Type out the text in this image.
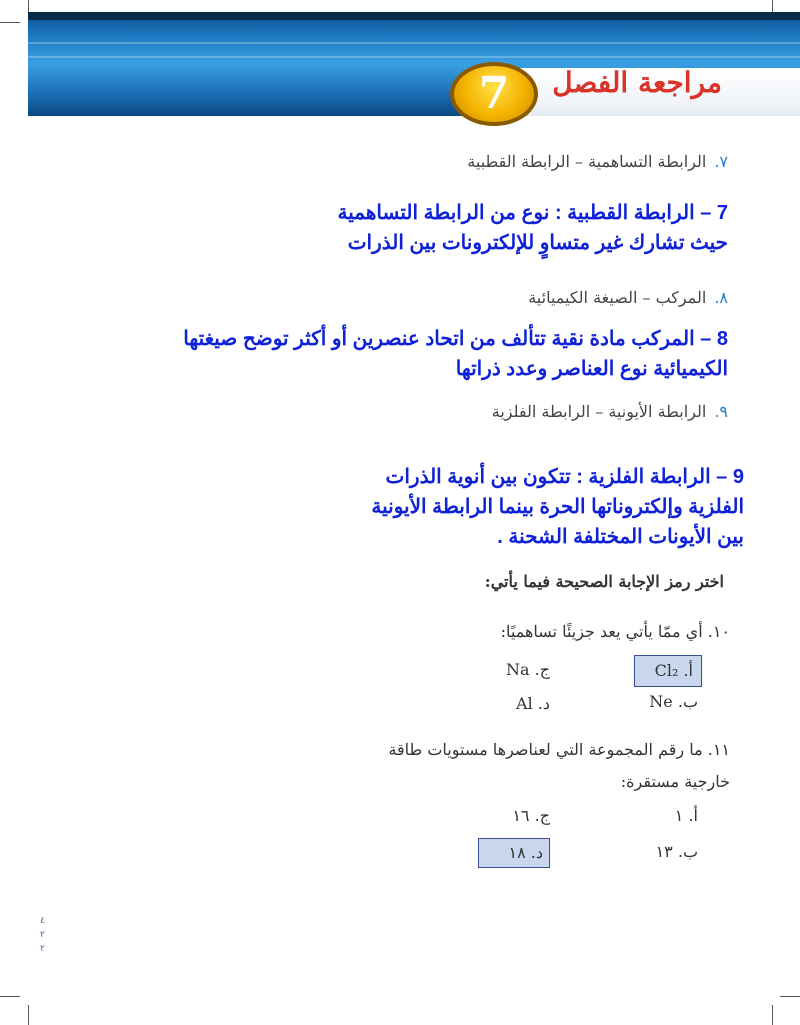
مراجعة الفصل
7
٧.الرابطة التساهمية – الرابطة القطبية
7 – الرابطة القطبية : نوع من الرابطة التساهمية
حيث تشارك غير متساوٍ للإلكترونات بين الذرات
٨.المركب – الصيغة الكيميائية
8 – المركب مادة نقية تتألف من اتحاد عنصرين أو أكثر توضح صيغتها
الكيميائية نوع العناصر وعدد ذراتها
٩.الرابطة الأيونية – الرابطة الفلزية
9 – الرابطة الفلزية : تتكون بين أنوية الذرات
الفلزية وإلكتروناتها الحرة بينما الرابطة الأيونية
بين الأيونات المختلفة الشحنة .
اختر رمز الإجابة الصحيحة فيما يأتي:
١٠. أي ممّا يأتي يعد جزيئًا تساهميًا:
أ. Cl₂
ب. Ne
ج. Na
د. Al
١١. ما رقم المجموعة التي لعناصرها مستويات طاقة
خارجية مستقرة:
أ. ١
ب. ١٣
ج. ١٦
د. ١٨
٤
٢
٢
